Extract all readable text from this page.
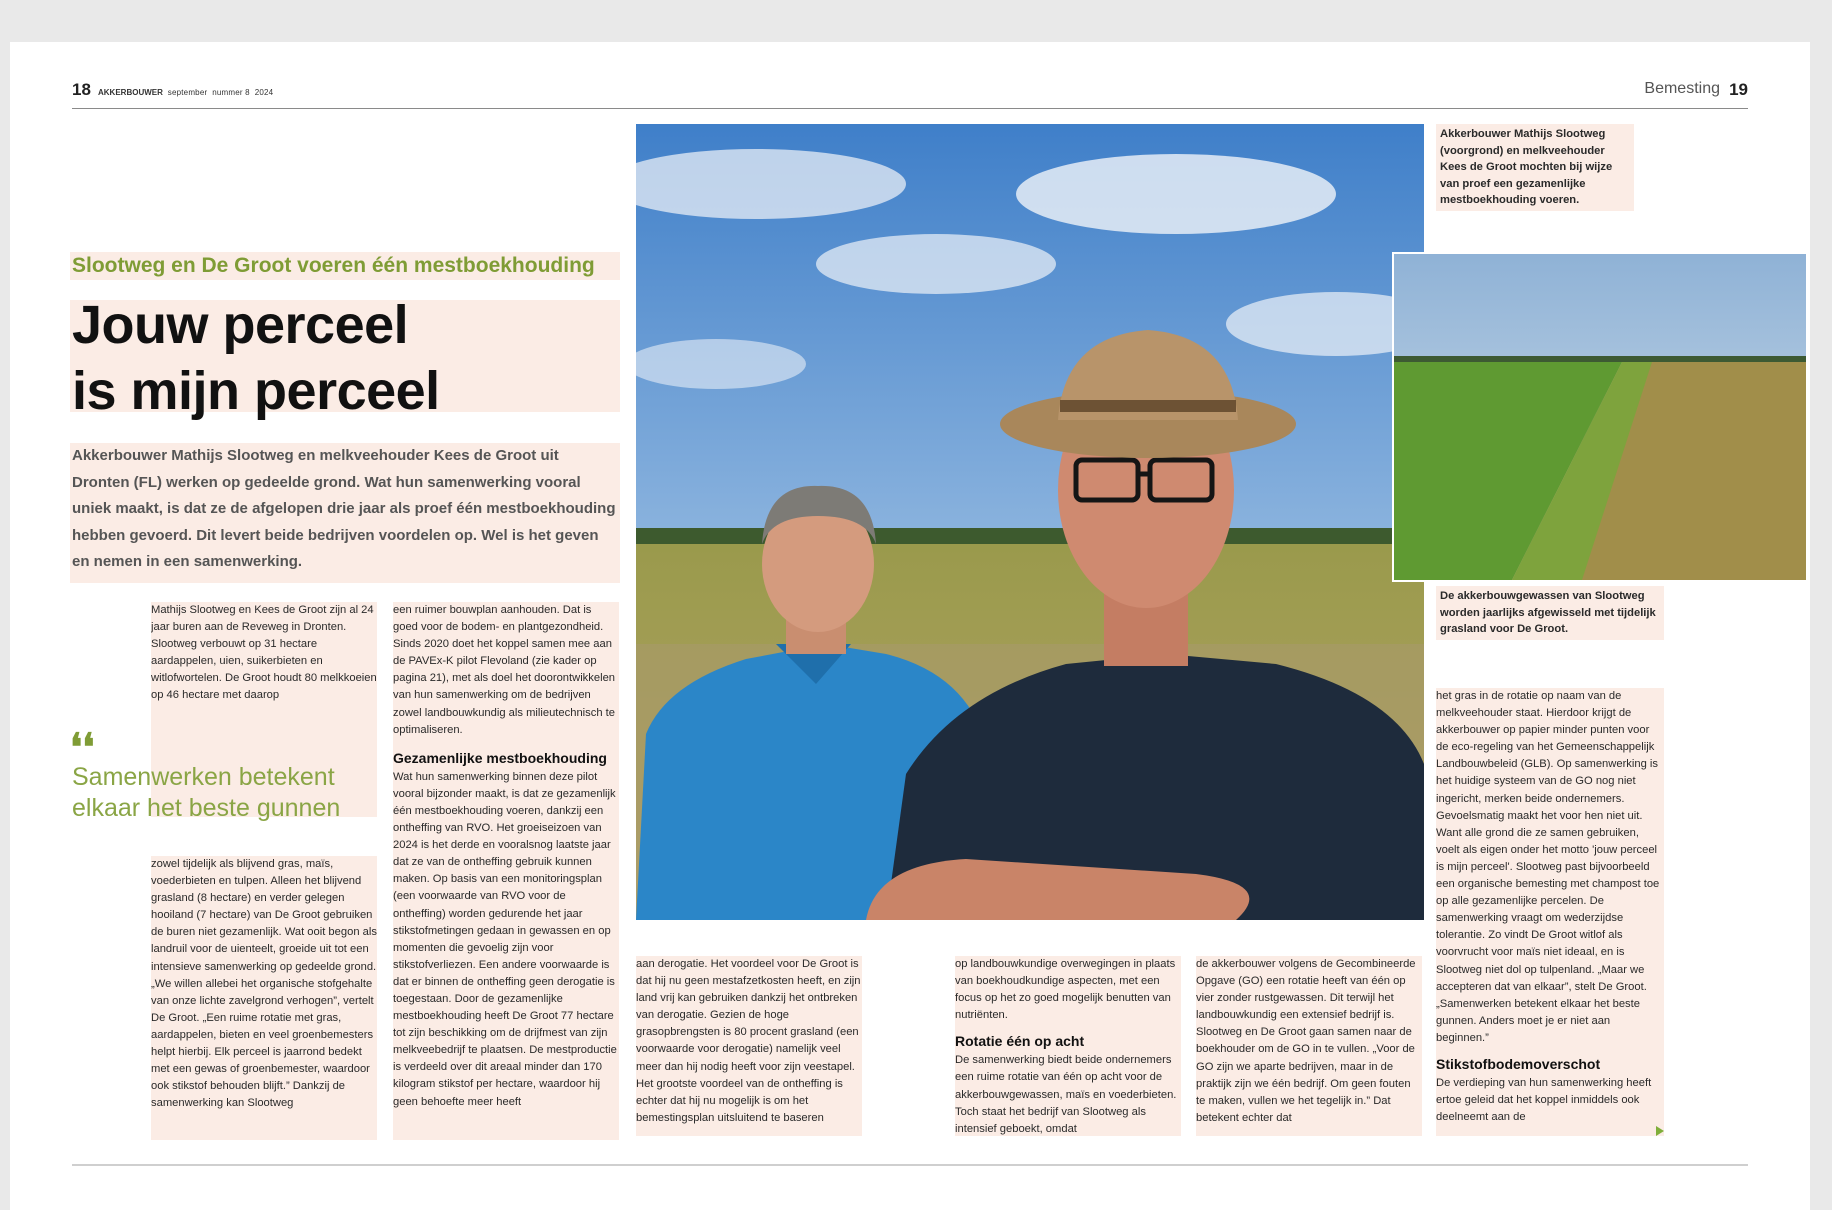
18 AKKERBOUWER september nummer 8 2024	Bemesting 19
Slootweg en De Groot voeren één mestboekhouding
Jouw perceel
is mijn perceel
Akkerbouwer Mathijs Slootweg en melkveehouder Kees de Groot uit Dronten (FL) werken op gedeelde grond. Wat hun samenwerking vooral uniek maakt, is dat ze de afgelopen drie jaar als proef één mestboekhouding hebben gevoerd. Dit levert beide bedrijven voordelen op. Wel is het geven en nemen in een samenwerking.
Mathijs Slootweg en Kees de Groot zijn al 24 jaar buren aan de Reveweg in Dronten. Slootweg verbouwt op 31 hectare aardappelen, uien, suikerbieten en witlofwortelen. De Groot houdt 80 melkkoeien op 46 hectare met daarop
❛❛
Samenwerken betekent elkaar het beste gunnen
zowel tijdelijk als blijvend gras, maïs, voederbieten en tulpen. Alleen het blijvend grasland (8 hectare) en verder gelegen hooiland (7 hectare) van De Groot gebruiken de buren niet gezamenlijk. Wat ooit begon als landruil voor de uienteelt, groeide uit tot een intensieve samenwerking op gedeelde grond. „We willen allebei het organische stofgehalte van onze lichte zavelgrond verhogen”, vertelt De Groot. „Een ruime rotatie met gras, aardappelen, bieten en veel groenbemesters helpt hierbij. Elk perceel is jaarrond bedekt met een gewas of groenbemester, waardoor ook stikstof behouden blijft.” Dankzij de samenwerking kan Slootweg

een ruimer bouwplan aanhouden. Dat is goed voor de bodem- en plantgezondheid. Sinds 2020 doet het koppel samen mee aan de PAVEx-K pilot Flevoland (zie kader op pagina 21), met als doel het doorontwikkelen van hun samenwerking om de bedrijven zowel landbouwkundig als milieutechnisch te optimaliseren.

Gezamenlijke mestboekhouding

Wat hun samenwerking binnen deze pilot vooral bijzonder maakt, is dat ze gezamenlijk één mestboekhouding voeren, dankzij een ontheffing van RVO. Het groeiseizoen van 2024 is het derde en vooralsnog laatste jaar dat ze van de ontheffing gebruik kunnen maken. Op basis van een monitoringsplan (een voorwaarde van RVO voor de ontheffing) worden gedurende het jaar stikstofmetingen gedaan in gewassen en op momenten die gevoelig zijn voor stikstofverliezen. Een andere voorwaarde is dat er binnen de ontheffing geen derogatie is toegestaan. Door de gezamenlijke mestboekhouding heeft De Groot 77 hectare tot zijn beschikking om de drijfmest van zijn melkveebedrijf te plaatsen. De mestproductie is verdeeld over dit areaal minder dan 170 kilogram stikstof per hectare, waardoor hij geen behoefte meer heeft

Akkerbouwer Mathijs Slootweg (voorgrond) en melkveehouder Kees de Groot mochten bij wijze van proef een gezamenlijke mestboekhouding voeren.
De akkerbouwgewassen van Slootweg worden jaarlijks afgewisseld met tijdelijk grasland voor De Groot.
aan derogatie. Het voordeel voor De Groot is dat hij nu geen mestafzetkosten heeft, en zijn land vrij kan gebruiken dankzij het ontbreken van derogatie. Gezien de hoge grasopbrengsten is 80 procent grasland (een voorwaarde voor derogatie) namelijk veel meer dan hij nodig heeft voor zijn veestapel. Het grootste voordeel van de ontheffing is echter dat hij nu mogelijk is om het bemestingsplan uitsluitend te baseren

op landbouwkundige overwegingen in plaats van boekhoudkundige aspecten, met een focus op het zo goed mogelijk benutten van nutriënten.

Rotatie één op acht

De samenwerking biedt beide ondernemers een ruime rotatie van één op acht voor de akkerbouwgewassen, maïs en voederbieten. Toch staat het bedrijf van Slootweg als intensief geboekt, omdat

de akkerbouwer volgens de Gecombineerde Opgave (GO) een rotatie heeft van één op vier zonder rustgewassen. Dit terwijl het landbouwkundig een extensief bedrijf is. Slootweg en De Groot gaan samen naar de boekhouder om de GO in te vullen. „Voor de GO zijn we aparte bedrijven, maar in de praktijk zijn we één bedrijf. Om geen fouten te maken, vullen we het tegelijk in.” Dat betekent echter dat

het gras in de rotatie op naam van de melkveehouder staat. Hierdoor krijgt de akkerbouwer op papier minder punten voor de eco-regeling van het Gemeenschappelijk Landbouwbeleid (GLB). Op samenwerking is het huidige systeem van de GO nog niet ingericht, merken beide ondernemers. Gevoelsmatig maakt het voor hen niet uit. Want alle grond die ze samen gebruiken, voelt als eigen onder het motto 'jouw perceel is mijn perceel'. Slootweg past bijvoorbeeld een organische bemesting met champost toe op alle gezamenlijke percelen. De samenwerking vraagt om wederzijdse tolerantie. Zo vindt De Groot witlof als voorvrucht voor maïs niet ideaal, en is Slootweg niet dol op tulpenland. „Maar we accepteren dat van elkaar”, stelt De Groot. „Samenwerken betekent elkaar het beste gunnen. Anders moet je er niet aan beginnen.”

Stikstofbodemoverschot

De verdieping van hun samenwerking heeft ertoe geleid dat het koppel inmiddels ook deelneemt aan de
